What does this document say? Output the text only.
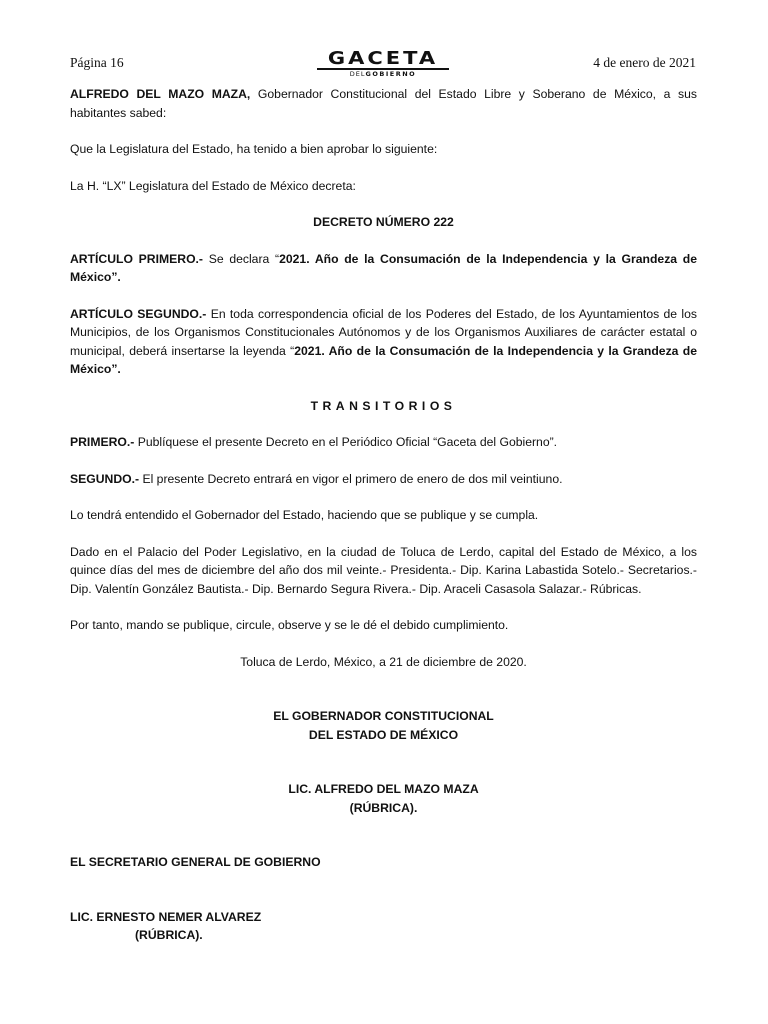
Página 16	GACETA
DELGOBIERNO
4 de enero de 2021

ALFREDO DEL MAZO MAZA, Gobernador Constitucional del Estado Libre y Soberano de México, a sus habitantes sabed:

Que la Legislatura del Estado, ha tenido a bien aprobar lo siguiente:

La H. “LX” Legislatura del Estado de México decreta:

DECRETO NÚMERO 222

ARTÍCULO PRIMERO.- Se declara “2021. Año de la Consumación de la Independencia y la Grandeza de México”.

ARTÍCULO SEGUNDO.- En toda correspondencia oficial de los Poderes del Estado, de los Ayuntamientos de los Municipios, de los Organismos Constitucionales Autónomos y de los Organismos Auxiliares de carácter estatal o municipal, deberá insertarse la leyenda “2021. Año de la Consumación de la Independencia y la Grandeza de México”.

TRANSITORIOS

PRIMERO.- Publíquese el presente Decreto en el Periódico Oficial “Gaceta del Gobierno”.

SEGUNDO.- El presente Decreto entrará en vigor el primero de enero de dos mil veintiuno.

Lo tendrá entendido el Gobernador del Estado, haciendo que se publique y se cumpla.

Dado en el Palacio del Poder Legislativo, en la ciudad de Toluca de Lerdo, capital del Estado de México, a los quince días del mes de diciembre del año dos mil veinte.- Presidenta.- Dip. Karina Labastida Sotelo.- Secretarios.- Dip. Valentín González Bautista.- Dip. Bernardo Segura Rivera.- Dip. Araceli Casasola Salazar.- Rúbricas.

Por tanto, mando se publique, circule, observe y se le dé el debido cumplimiento.

Toluca de Lerdo, México, a 21 de diciembre de 2020.

EL GOBERNADOR CONSTITUCIONAL

DEL ESTADO DE MÉXICO

LIC. ALFREDO DEL MAZO MAZA

(RÚBRICA).

EL SECRETARIO GENERAL DE GOBIERNO

LIC. ERNESTO NEMER ALVAREZ

(RÚBRICA).
